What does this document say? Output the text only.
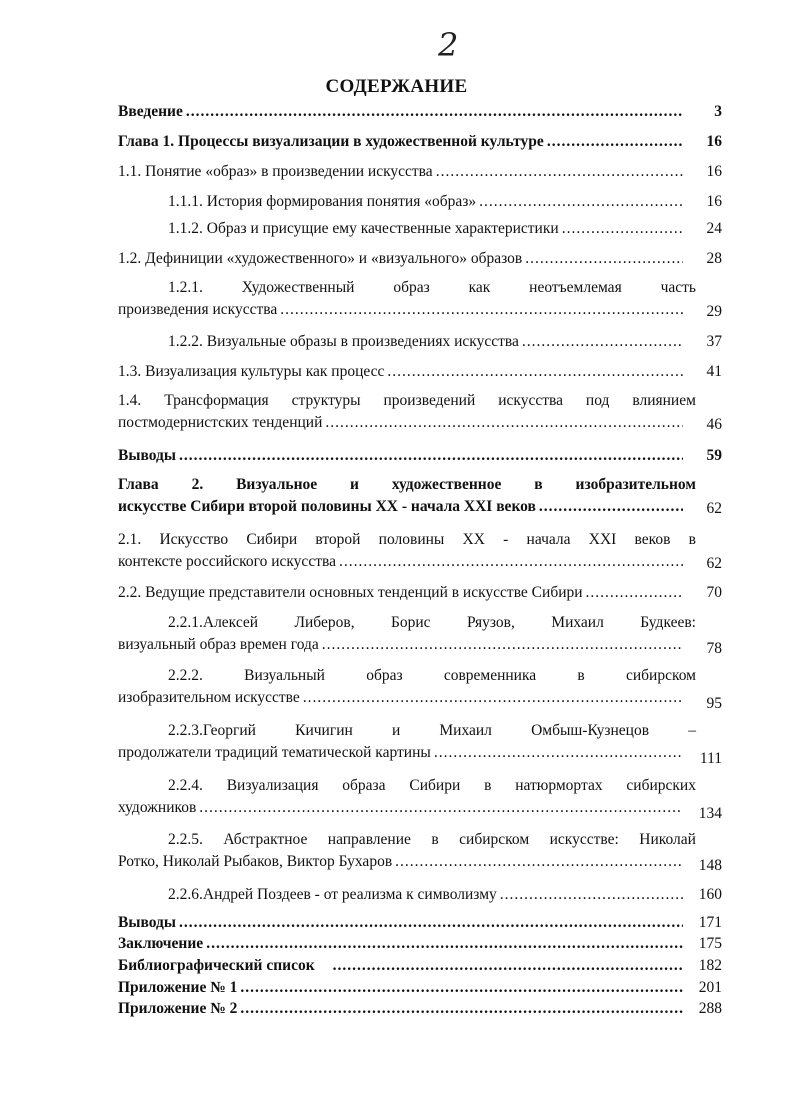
2
СОДЕРЖАНИЕ
Введение .....	3
Глава 1. Процессы визуализации в художественной культуре .....	16
1.1. Понятие «образ» в произведении искусства .....	16
1.1.1. История формирования понятия «образ» .....	16
1.1.2. Образ и присущие ему качественные характеристики .....	24
1.2. Дефиниции «художественного» и «визуального» образов .....	28
1.2.1.	Художественный	образ	как	неотъемлемая	часть
произведения искусства .....	29
1.2.2. Визуальные образы в произведениях искусства .....	37
1.3. Визуализация культуры как процесс .....	41
1.4. Трансформация структуры произведений искусства под влиянием
постмодернистских тенденций .....	46
Выводы .....	59
Глава 2. Визуальное и художественное в изобразительном
искусстве Сибири второй половины XX - начала XXI веков .....	62
2.1. Искусство Сибири второй половины XX - начала XXI веков в
контексте российского искусства .....	62
2.2. Ведущие представители основных тенденций в искусстве Сибири .....	70
2.2.1.Алексей Либеров, Борис Ряузов, Михаил Будкеев:
визуальный образ времен года .....	78
2.2.2.	Визуальный	образ	современника	в	сибирском
изобразительном искусстве .....	95
2.2.3.Георгий	Кичигин	и	Михаил	Омбыш-Кузнецов	–
продолжатели традиций тематической картины .....	111
2.2.4. Визуализация образа Сибири в натюрмортах сибирских
художников .....	134
2.2.5. Абстрактное направление в сибирском искусстве: Николай
Ротко, Николай Рыбаков, Виктор Бухаров .....	148
2.2.6.Андрей Поздеев - от реализма к символизму .....	160
Выводы .....	171
Заключение .....	175
Библиографический список .....	182
Приложение № 1 .....	201
Приложение № 2 .....	288
